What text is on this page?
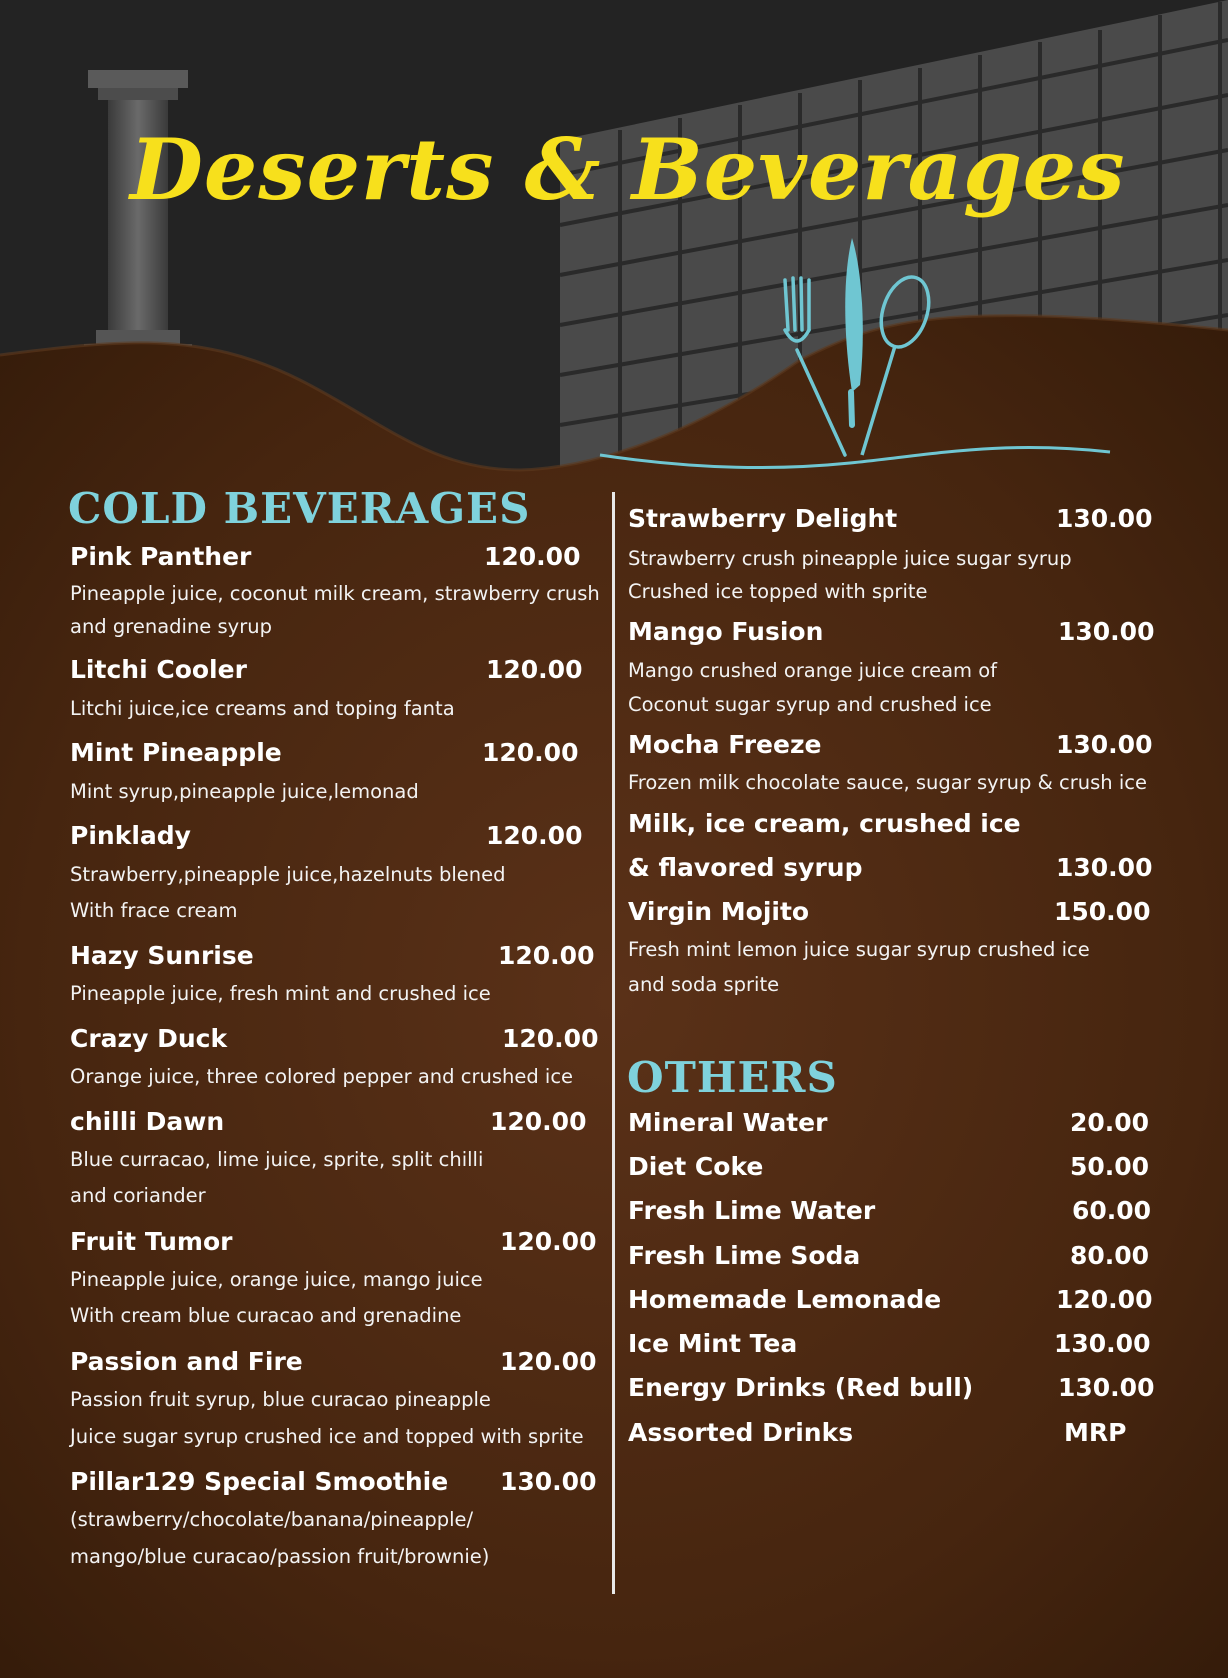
Deserts & Beverages
COLD BEVERAGES
Pink Panther	120.00
Pineapple juice, coconut milk cream, strawberry crush
and grenadine syrup
Litchi Cooler	120.00
Litchi juice,ice creams and toping fanta
Mint Pineapple	120.00
Mint syrup,pineapple juice,lemonad
Pinklady	120.00
Strawberry,pineapple juice,hazelnuts blened
With frace cream
Hazy Sunrise	120.00
Pineapple juice, fresh mint and crushed ice
Crazy Duck	120.00
Orange juice, three colored pepper and crushed ice
chilli Dawn	120.00
Blue curracao, lime juice, sprite, split chilli
and coriander
Fruit Tumor	120.00
Pineapple juice, orange juice, mango juice
With cream blue curacao and grenadine
Passion and Fire	120.00
Passion fruit syrup, blue curacao pineapple
Juice sugar syrup crushed ice and topped with sprite
Pillar129 Special Smoothie 130.00
(strawberry/chocolate/banana/pineapple/
mango/blue curacao/passion fruit/brownie)
Strawberry Delight	130.00
Strawberry crush pineapple juice sugar syrup
Crushed ice topped with sprite
Mango Fusion	130.00
Mango crushed orange juice cream of
Coconut sugar syrup and crushed ice
Mocha Freeze	130.00
Frozen milk chocolate sauce, sugar syrup & crush ice
Milk, ice cream, crushed ice
& flavored syrup	130.00
Virgin Mojito	150.00
Fresh mint lemon juice sugar syrup crushed ice
and soda sprite
OTHERS
Mineral Water	20.00
Diet Coke	50.00
Fresh Lime Water	60.00
Fresh Lime Soda	80.00
Homemade Lemonade	120.00
Ice Mint Tea	130.00
Energy Drinks (Red bull)	130.00
Assorted Drinks	MRP
